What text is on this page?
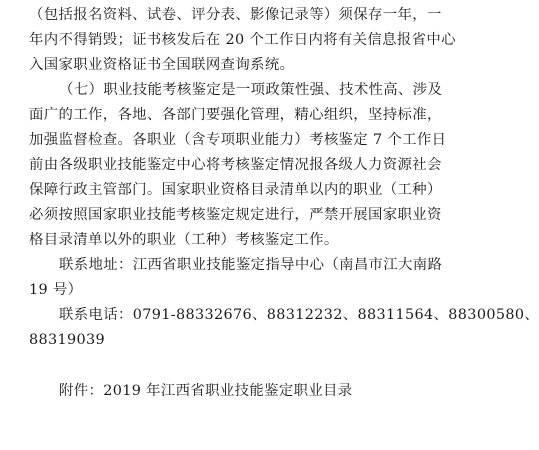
（包括报名资料、试卷、评分表、影像记录等）须保存一年，一
年内不得销毁；证书核发后在 20 个工作日内将有关信息报省中心
入国家职业资格证书全国联网查询系统。
（七）职业技能考核鉴定是一项政策性强、技术性高、涉及
面广的工作，各地、各部门要强化管理，精心组织，坚持标准，
加强监督检查。各职业（含专项职业能力）考核鉴定 7 个工作日
前由各级职业技能鉴定中心将考核鉴定情况报各级人力资源社会
保障行政主管部门。国家职业资格目录清单以内的职业（工种）
必须按照国家职业技能考核鉴定规定进行，严禁开展国家职业资
格目录清单以外的职业（工种）考核鉴定工作。
联系地址：江西省职业技能鉴定指导中心（南昌市江大南路
19 号）
联系电话：0791-88332676、88312232、88311564、88300580、
88319039
附件：2019 年江西省职业技能鉴定职业目录
